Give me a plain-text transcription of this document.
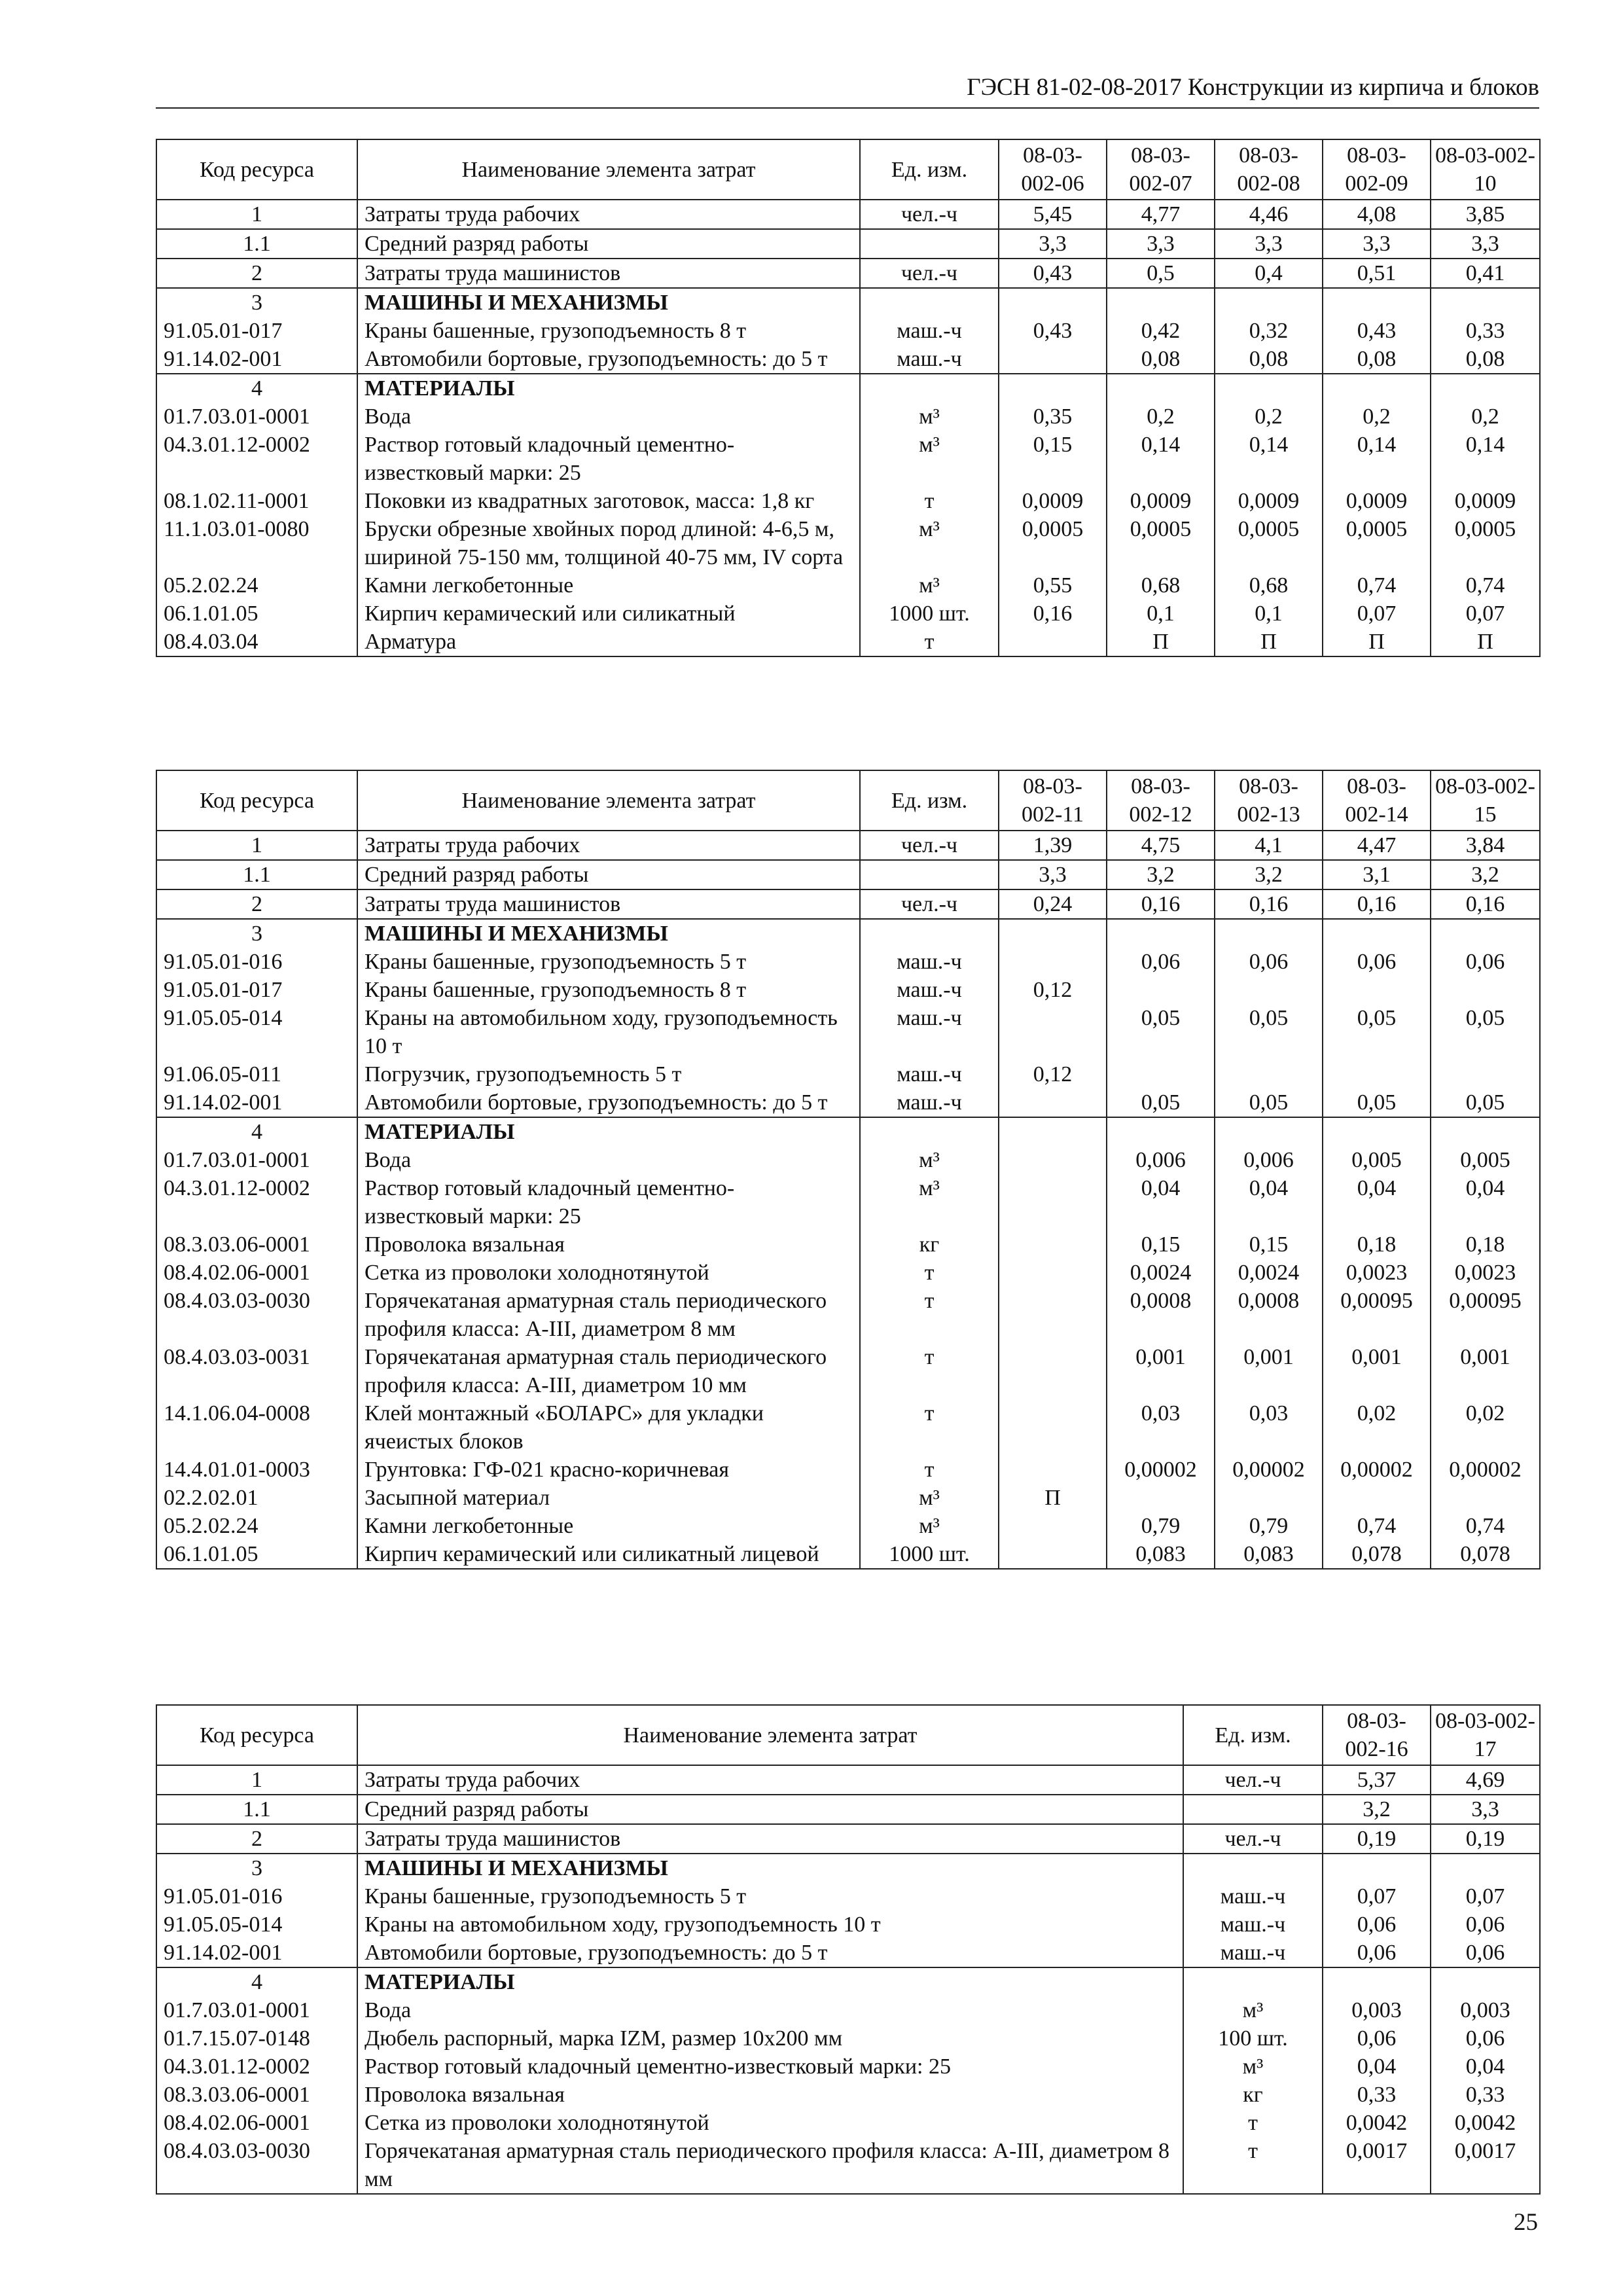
ГЭСН 81-02-08-2017 Конструкции из кирпича и блоков
Код ресурса	Наименование элемента затрат	Ед. изм.	08-03-002-06	08-03-002-07	08-03-002-08	08-03-002-09	08-03-002-10
1	Затраты труда рабочих	чел.-ч	5,45	4,77	4,46	4,08	3,85
1.1	Средний разряд работы		3,3	3,3	3,3	3,3	3,3
2	Затраты труда машинистов	чел.-ч	0,43	0,5	0,4	0,51	0,41
3	МАШИНЫ И МЕХАНИЗМЫ						
91.05.01-017	Краны башенные, грузоподъемность 8 т	маш.-ч	0,43	0,42	0,32	0,43	0,33
91.14.02-001	Автомобили бортовые, грузоподъемность: до 5 т	маш.-ч		0,08	0,08	0,08	0,08
4	МАТЕРИАЛЫ						
01.7.03.01-0001	Вода	м³	0,35	0,2	0,2	0,2	0,2
04.3.01.12-0002	Раствор готовый кладочный цементно-известковый марки: 25	м³	0,15	0,14	0,14	0,14	0,14
08.1.02.11-0001	Поковки из квадратных заготовок, масса: 1,8 кг	т	0,0009	0,0009	0,0009	0,0009	0,0009
11.1.03.01-0080	Бруски обрезные хвойных пород длиной: 4-6,5 м, шириной 75-150 мм, толщиной 40-75 мм, IV сорта	м³	0,0005	0,0005	0,0005	0,0005	0,0005
05.2.02.24	Камни легкобетонные	м³	0,55	0,68	0,68	0,74	0,74
06.1.01.05	Кирпич керамический или силикатный	1000 шт.	0,16	0,1	0,1	0,07	0,07
08.4.03.04	Арматура	т		П	П	П	П
Код ресурса	Наименование элемента затрат	Ед. изм.	08-03-002-11	08-03-002-12	08-03-002-13	08-03-002-14	08-03-002-15
1	Затраты труда рабочих	чел.-ч	1,39	4,75	4,1	4,47	3,84
1.1	Средний разряд работы		3,3	3,2	3,2	3,1	3,2
2	Затраты труда машинистов	чел.-ч	0,24	0,16	0,16	0,16	0,16
3	МАШИНЫ И МЕХАНИЗМЫ						
91.05.01-016	Краны башенные, грузоподъемность 5 т	маш.-ч		0,06	0,06	0,06	0,06
91.05.01-017	Краны башенные, грузоподъемность 8 т	маш.-ч	0,12				
91.05.05-014	Краны на автомобильном ходу, грузоподъемность 10 т	маш.-ч		0,05	0,05	0,05	0,05
91.06.05-011	Погрузчик, грузоподъемность 5 т	маш.-ч	0,12				
91.14.02-001	Автомобили бортовые, грузоподъемность: до 5 т	маш.-ч		0,05	0,05	0,05	0,05
4	МАТЕРИАЛЫ						
01.7.03.01-0001	Вода	м³		0,006	0,006	0,005	0,005
04.3.01.12-0002	Раствор готовый кладочный цементно-известковый марки: 25	м³		0,04	0,04	0,04	0,04
08.3.03.06-0001	Проволока вязальная	кг		0,15	0,15	0,18	0,18
08.4.02.06-0001	Сетка из проволоки холоднотянутой	т		0,0024	0,0024	0,0023	0,0023
08.4.03.03-0030	Горячекатаная арматурная сталь периодического профиля класса: А-III, диаметром 8 мм	т		0,0008	0,0008	0,00095	0,00095
08.4.03.03-0031	Горячекатаная арматурная сталь периодического профиля класса: А-III, диаметром 10 мм	т		0,001	0,001	0,001	0,001
14.1.06.04-0008	Клей монтажный «БОЛАРС» для укладки ячеистых блоков	т		0,03	0,03	0,02	0,02
14.4.01.01-0003	Грунтовка: ГФ-021 красно-коричневая	т		0,00002	0,00002	0,00002	0,00002
02.2.02.01	Засыпной материал	м³	П				
05.2.02.24	Камни легкобетонные	м³		0,79	0,79	0,74	0,74
06.1.01.05	Кирпич керамический или силикатный лицевой	1000 шт.		0,083	0,083	0,078	0,078
Код ресурса	Наименование элемента затрат	Ед. изм.	08-03-002-16	08-03-002-17
1	Затраты труда рабочих	чел.-ч	5,37	4,69
1.1	Средний разряд работы		3,2	3,3
2	Затраты труда машинистов	чел.-ч	0,19	0,19
3	МАШИНЫ И МЕХАНИЗМЫ			
91.05.01-016	Краны башенные, грузоподъемность 5 т	маш.-ч	0,07	0,07
91.05.05-014	Краны на автомобильном ходу, грузоподъемность 10 т	маш.-ч	0,06	0,06
91.14.02-001	Автомобили бортовые, грузоподъемность: до 5 т	маш.-ч	0,06	0,06
4	МАТЕРИАЛЫ			
01.7.03.01-0001	Вода	м³	0,003	0,003
01.7.15.07-0148	Дюбель распорный, марка IZM, размер 10х200 мм	100 шт.	0,06	0,06
04.3.01.12-0002	Раствор готовый кладочный цементно-известковый марки: 25	м³	0,04	0,04
08.3.03.06-0001	Проволока вязальная	кг	0,33	0,33
08.4.02.06-0001	Сетка из проволоки холоднотянутой	т	0,0042	0,0042
08.4.03.03-0030	Горячекатаная арматурная сталь периодического профиля класса: А-III, диаметром 8 мм	т	0,0017	0,0017
25
